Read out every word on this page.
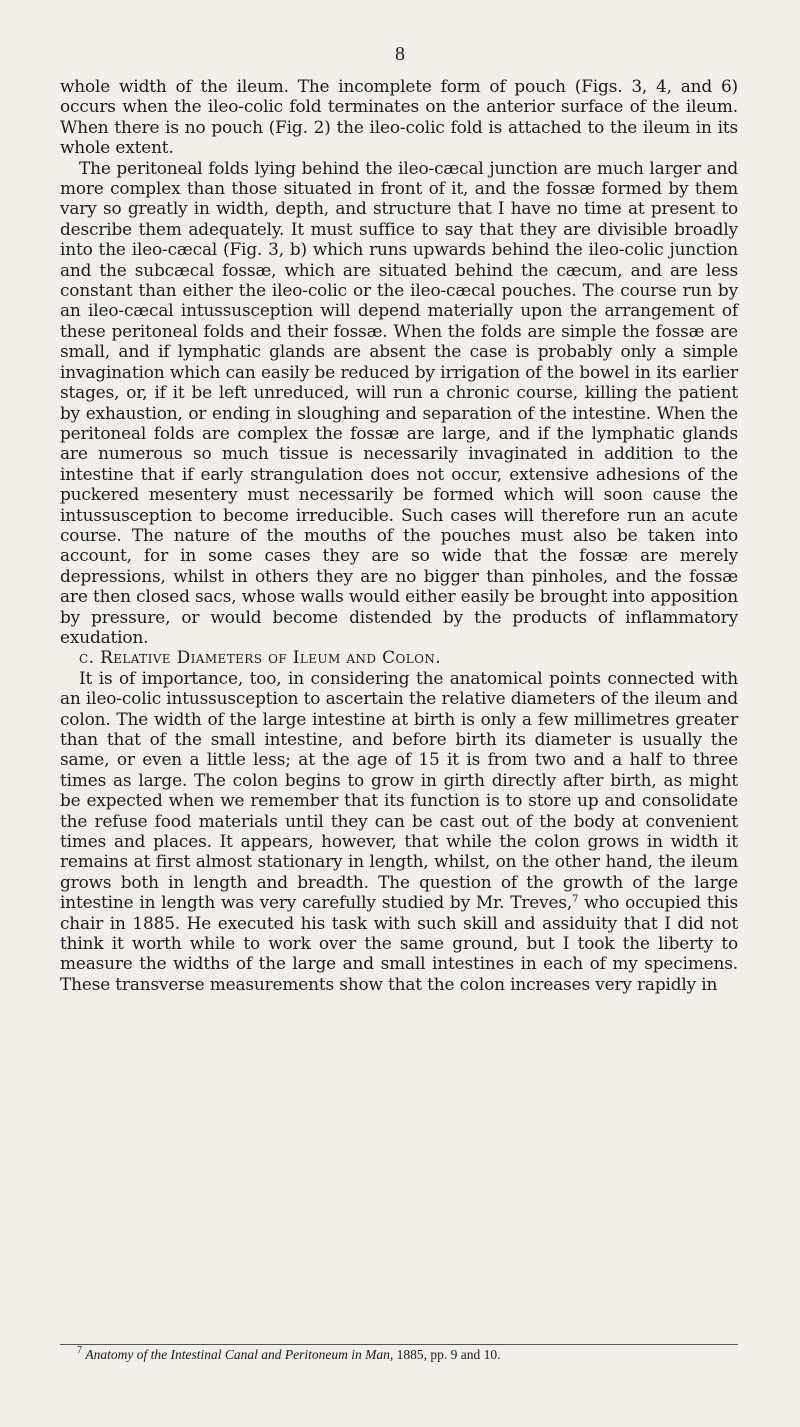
8

whole width of the ileum. The incomplete form of pouch (Figs. 3, 4, and 6) occurs when the ileo-colic fold terminates on the anterior surface of the ileum. When there is no pouch (Fig. 2) the ileo-colic fold is attached to the ileum in its whole extent.

The peritoneal folds lying behind the ileo-cæcal junction are much larger and more complex than those situated in front of it, and the fossæ formed by them vary so greatly in width, depth, and structure that I have no time at present to describe them adequately. It must suffice to say that they are divisible broadly into the ileo-cæcal (Fig. 3, b) which runs upwards behind the ileo-colic junction and the subcæcal fossæ, which are situated behind the cæcum, and are less constant than either the ileo-colic or the ileo-cæcal pouches. The course run by an ileo-cæcal intussusception will depend materially upon the arrangement of these peritoneal folds and their fossæ. When the folds are simple the fossæ are small, and if lymphatic glands are absent the case is probably only a simple invagination which can easily be reduced by irrigation of the bowel in its earlier stages, or, if it be left unreduced, will run a chronic course, killing the patient by exhaustion, or ending in sloughing and separation of the intestine. When the peritoneal folds are complex the fossæ are large, and if the lymphatic glands are numerous so much tissue is necessarily invaginated in addition to the intestine that if early strangulation does not occur, extensive adhesions of the puckered mesentery must necessarily be formed which will soon cause the intussusception to become irreducible. Such cases will therefore run an acute course. The nature of the mouths of the pouches must also be taken into account, for in some cases they are so wide that the fossæ are merely depressions, whilst in others they are no bigger than pinholes, and the fossæ are then closed sacs, whose walls would either easily be brought into apposition by pressure, or would become distended by the products of inflammatory exudation.

c. Relative Diameters of Ileum and Colon.

It is of importance, too, in considering the anatomical points connected with an ileo-colic intussusception to ascertain the relative diameters of the ileum and colon. The width of the large intestine at birth is only a few millimetres greater than that of the small intestine, and before birth its diameter is usually the same, or even a little less; at the age of 15 it is from two and a half to three times as large. The colon begins to grow in girth directly after birth, as might be expected when we remember that its function is to store up and consolidate the refuse food materials until they can be cast out of the body at convenient times and places. It appears, however, that while the colon grows in width it remains at first almost stationary in length, whilst, on the other hand, the ileum grows both in length and breadth. The question of the growth of the large intestine in length was very carefully studied by Mr. Treves,$^7$ who occupied this chair in 1885. He executed his task with such skill and assiduity that I did not think it worth while to work over the same ground, but I took the liberty to measure the widths of the large and small intestines in each of my specimens. These transverse measurements show that the colon increases very rapidly in

$^7$ Anatomy of the Intestinal Canal and Peritoneum in Man, 1885, pp. 9 and 10.
